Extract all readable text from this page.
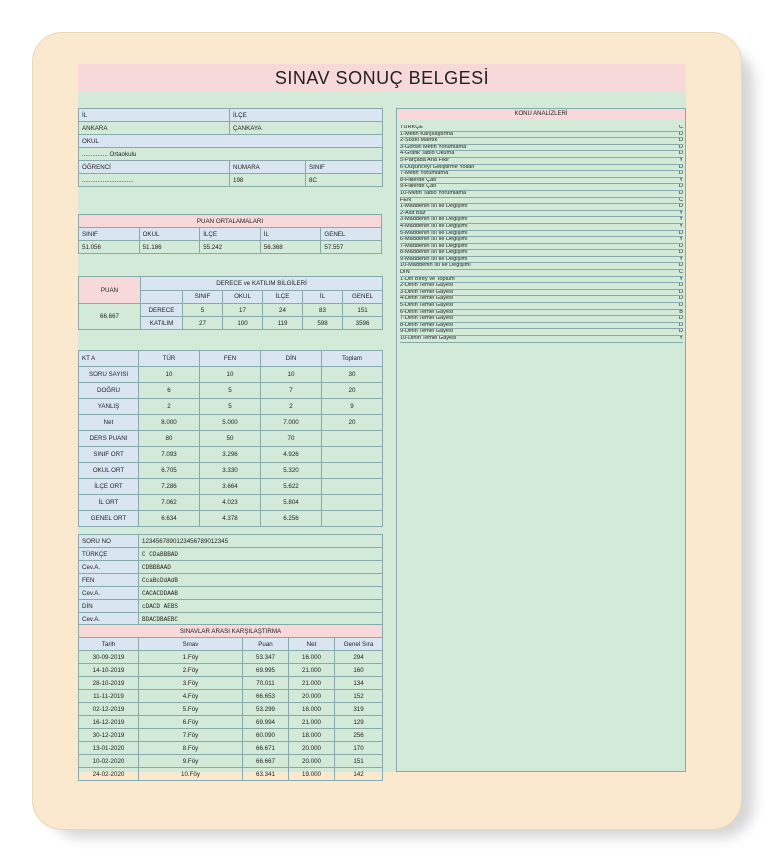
SINAV SONUÇ BELGESİ
İL	İLÇE	
ANKARA	ÇANKAYA	
OKUL		
............... Ortaokulu		
ÖĞRENCİ	NUMARA	SINIF
..............................	198	8C
PUAN ORTALAMALARI				
SINIF	OKUL	İLÇE	İL	GENEL
51.056	51.186	55.242	56.368	57.557
PUAN	DERECE ve KATILIM BİLGİLERİ					
		SINIF	OKUL	İLÇE	İL	GENEL
66.667	DERECE	5	17	24	83	151
	KATILIM	27	100	119	598	3596
KT A	TÜR	FEN	DİN	Toplam
SORU SAYISI	10	10	10	30
DOĞRU	6	5	7	20
YANLIŞ	2	5	2	9
Net	8.000	5.000	7.000	20
DERS PUANI	80	50	70	
SINIF ORT	7.093	3.296	4.926	
OKUL ORT	6.705	3.330	5.320	
İLÇE ORT	7.286	3.664	5.622	
İL ORT	7.062	4.023	5.804	
GENEL ORT	6.634	4.378	6.256	
SORU NO	123456789012345678901234​5
TÜRKÇE	C CDaBBBAD
Cev.A.	CDBBBAAD
FEN	CcaBcDdAdB
Cev.A.	CACACDDAAB
DİN	cDACD AEBS
Cev.A.	BDACDBAEBC
SINAVLAR ARASI KARŞILAŞTIRMA				
Tarih	Sınav	Puan	Net	Genel Sıra
30-09-2019	1.Föy	53.347	16.000	294
14-10-2019	2.Föy	69.995	21.000	160
28-10-2019	3.Föy	70.011	21.000	134
11-11-2019	4.Föy	66.653	20.000	152
02-12-2019	5.Föy	53.299	16.000	319
16-12-2019	6.Föy	69.994	21.000	129
30-12-2019	7.Föy	60.090	18.000	256
13-01-2020	8.Föy	66.671	20.000	170
10-02-2020	9.Föy	66.667	20.000	151
24-02-2020	10.Föy	63.341	19.000	142
KONU ANALİZLERİ
TÜRKÇE	C
1-Metin Karşılaştırma	D
2-Sözel Mantık	D
3-Görsel Metin Yorumlama	D
4-Grafik Tablo Okuma	D
5-Parçada Ana Fikir	Y
6-Düşünceyi Geliştirme Yolları	D
7-Metin Yorumlama	D
8-Fiillerde Çatı	Y
9-Fiillerde Çatı	D
10-Metin Tablo Yorumlama	D
FEN	C
1-Maddenin Isı İle Değişimi	D
2-Asit Baz	Y
3-Maddenin Isı İle Değişimi	Y
4-Maddenin Isı İle Değişimi	Y
5-Maddenin Isı İle Değişimi	D
6-Maddenin Isı İle Değişimi	Y
7-Maddenin Isı İle Değişimi	D
8-Maddenin Isı İle Değişimi	D
9-Maddenin Isı İle Değişimi	Y
10-Maddenin Isı İle Değişimi	D
DİN	C
1-Din Birey ve Toplum	Y
2-Dinin Temel Gayesi	D
3-Dinin Temel Gayesi	D
4-Dinin Temel Gayesi	D
5-Dinin Temel Gayesi	D
6-Dinin Temel Gayesi	B
7-Dinin Temel Gayesi	D
8-Dinin Temel Gayesi	D
9-Dinin Temel Gayesi	D
10-Dinin Temel Gayesi	Y
